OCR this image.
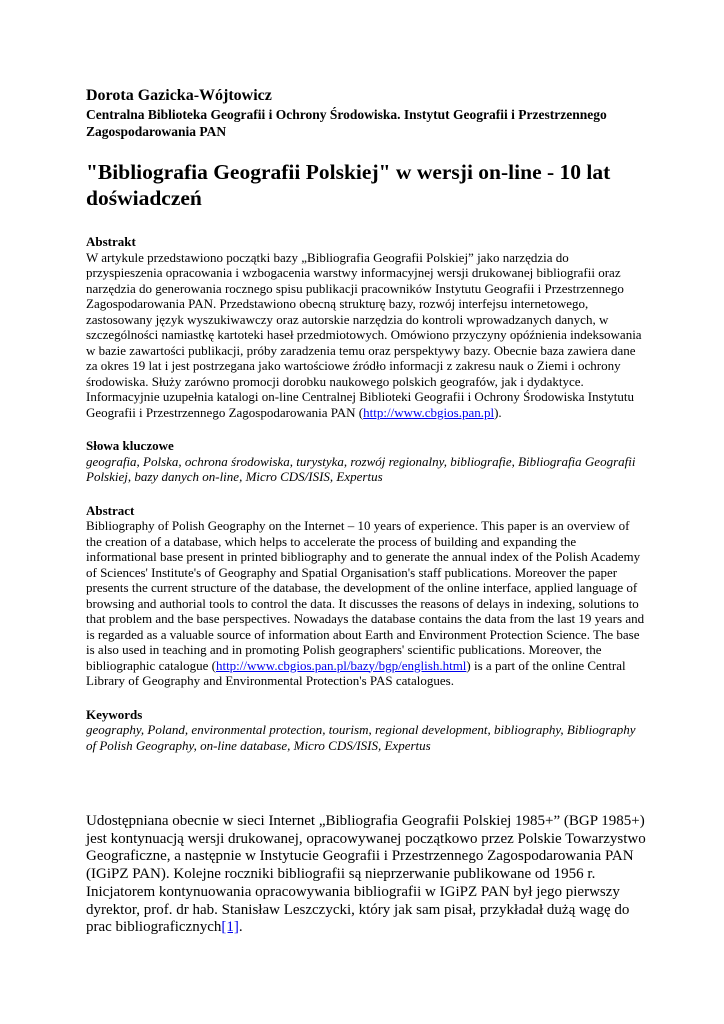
Dorota Gazicka-Wójtowicz

Centralna Biblioteka Geografii i Ochrony Środowiska. Instytut Geografii i Przestrzennego Zagospodarowania PAN

"Bibliografia Geografii Polskiej" w wersji on-line - 10 lat doświadczeń

Abstrakt

W artykule przedstawiono początki bazy „Bibliografia Geografii Polskiej” jako narzędzia do przyspieszenia opracowania i wzbogacenia warstwy informacyjnej wersji drukowanej bibliografii oraz narzędzia do generowania rocznego spisu publikacji pracowników Instytutu Geografii i Przestrzennego Zagospodarowania PAN. Przedstawiono obecną strukturę bazy, rozwój interfejsu internetowego, zastosowany język wyszukiwawczy oraz autorskie narzędzia do kontroli wprowadzanych danych, w szczególności namiastkę kartoteki haseł przedmiotowych. Omówiono przyczyny opóźnienia indeksowania w bazie zawartości publikacji, próby zaradzenia temu oraz perspektywy bazy. Obecnie baza zawiera dane za okres 19 lat i jest postrzegana jako wartościowe źródło informacji z zakresu nauk o Ziemi i ochrony środowiska. Służy zarówno promocji dorobku naukowego polskich geografów, jak i dydaktyce. Informacyjnie uzupełnia katalogi on-line Centralnej Biblioteki Geografii i Ochrony Środowiska Instytutu Geografii i Przestrzennego Zagospodarowania PAN (http://www.cbgios.pan.pl).

Słowa kluczowe

geografia, Polska, ochrona środowiska, turystyka, rozwój regionalny, bibliografie, Bibliografia Geografii Polskiej, bazy danych on-line, Micro CDS/ISIS, Expertus

Abstract

Bibliography of Polish Geography on the Internet – 10 years of experience. This paper is an overview of the creation of a database, which helps to accelerate the process of building and expanding the informational base present in printed bibliography and to generate the annual index of the Polish Academy of Sciences' Institute's of Geography and Spatial Organisation's staff publications. Moreover the paper presents the current structure of the database, the development of the online interface, applied language of browsing and authorial tools to control the data. It discusses the reasons of delays in indexing, solutions to that problem and the base perspectives. Nowadays the database contains the data from the last 19 years and is regarded as a valuable source of information about Earth and Environment Protection Science. The base is also used in teaching and in promoting Polish geographers' scientific publications. Moreover, the bibliographic catalogue (http://www.cbgios.pan.pl/bazy/bgp/english.html) is a part of the online Central Library of Geography and Environmental Protection's PAS catalogues.

Keywords

geography, Poland, environmental protection, tourism, regional development, bibliography, Bibliography of Polish Geography, on-line database, Micro CDS/ISIS, Expertus

Udostępniana obecnie w sieci Internet „Bibliografia Geografii Polskiej 1985+” (BGP 1985+) jest kontynuacją wersji drukowanej, opracowywanej początkowo przez Polskie Towarzystwo Geograficzne, a następnie w Instytucie Geografii i Przestrzennego Zagospodarowania PAN (IGiPZ PAN). Kolejne roczniki bibliografii są nieprzerwanie publikowane od 1956 r. Inicjatorem kontynuowania opracowywania bibliografii w IGiPZ PAN był jego pierwszy dyrektor, prof. dr hab. Stanisław Leszczycki, który jak sam pisał, przykładał dużą wagę do prac bibliograficznych[1].
